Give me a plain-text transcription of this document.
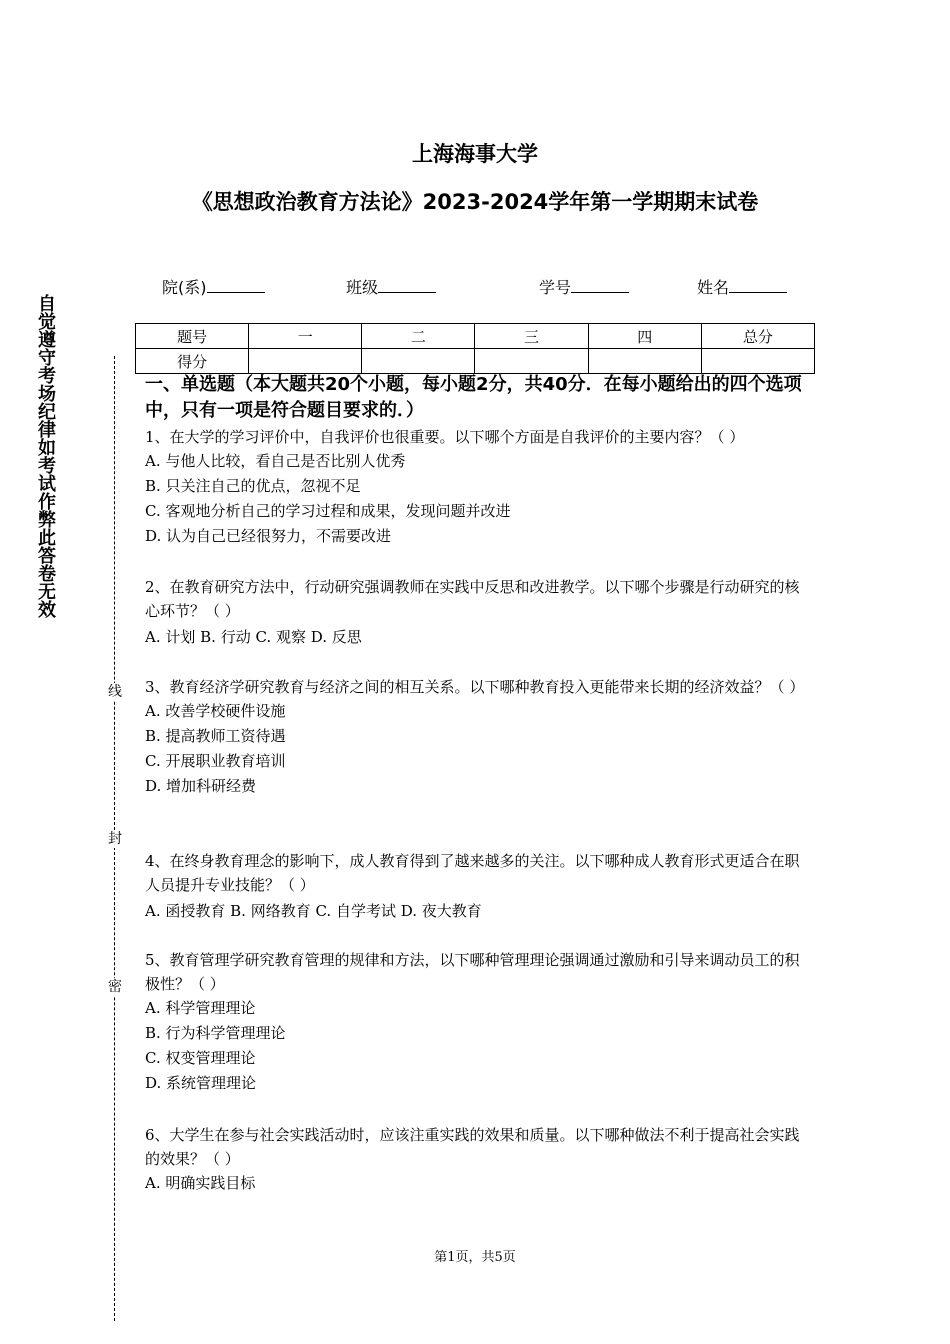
上海海事大学
《思想政治教育方法论》2023-2024学年第一学期期末试卷
院(系)	班级	学号	姓名
题号	一	二	三	四	总分
得分					
自觉遵守考场纪律如考试作弊此答卷无效
线
封
密
一、单选题（本大题共20个小题，每小题2分，共40分．在每小题给出的四个选项中，只有一项是符合题目要求的．）

1、在大学的学习评价中，自我评价也很重要。以下哪个方面是自我评价的主要内容？（ ）

A. 与他人比较，看自己是否比别人优秀

B. 只关注自己的优点，忽视不足

C. 客观地分析自己的学习过程和成果，发现问题并改进

D. 认为自己已经很努力，不需要改进

2、在教育研究方法中，行动研究强调教师在实践中反思和改进教学。以下哪个步骤是行动研究的核心环节？（ ）

A. 计划 B. 行动 C. 观察 D. 反思

3、教育经济学研究教育与经济之间的相互关系。以下哪种教育投入更能带来长期的经济效益？（ ）

A. 改善学校硬件设施

B. 提高教师工资待遇

C. 开展职业教育培训

D. 增加科研经费

4、在终身教育理念的影响下，成人教育得到了越来越多的关注。以下哪种成人教育形式更适合在职人员提升专业技能？（ ）

A. 函授教育 B. 网络教育 C. 自学考试 D. 夜大教育

5、教育管理学研究教育管理的规律和方法，以下哪种管理理论强调通过激励和引导来调动员工的积极性？（ ）

A. 科学管理理论

B. 行为科学管理理论

C. 权变管理理论

D. 系统管理理论

6、大学生在参与社会实践活动时，应该注重实践的效果和质量。以下哪种做法不利于提高社会实践的效果？（ ）

A. 明确实践目标

第1页，共5页
